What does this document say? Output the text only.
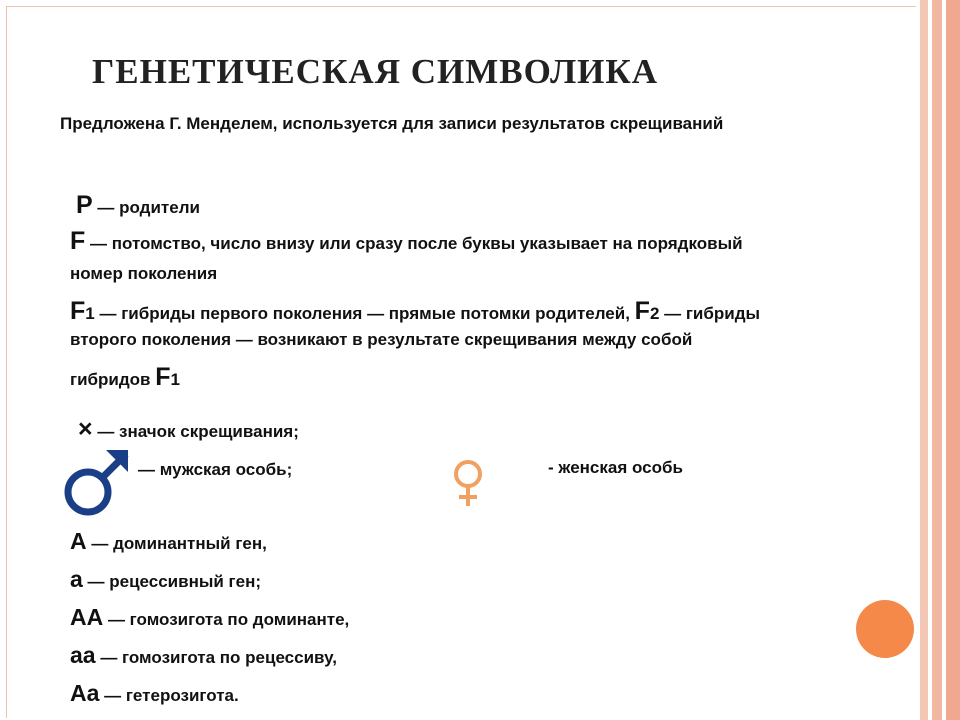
ГЕНЕТИЧЕСКАЯ СИМВОЛИКА
Предложена Г. Менделем, используется для записи результатов скрещиваний
P — родители
F — потомство, число внизу или сразу после буквы указывает на порядковый
номер поколения
F1 — гибриды первого поколения — прямые потомки родителей, F2 — гибриды
второго поколения — возникают в результате скрещивания между собой
гибридов F1
× — значок скрещивания;
— мужская особь;	- женская особь
A — доминантный ген,
a — рецессивный ген;
AA — гомозигота по доминанте,
aa — гомозигота по рецессиву,
Aa — гетерозигота.
